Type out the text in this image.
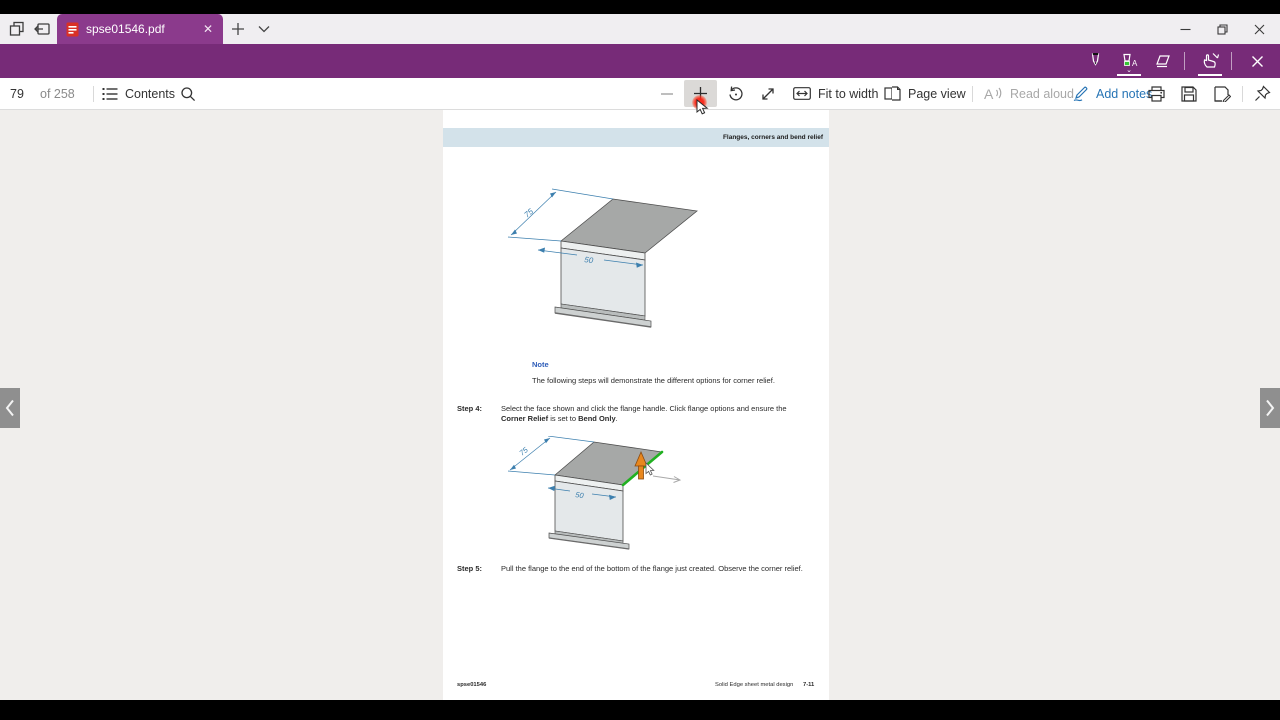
spse01546.pdf	✕
A
⌄
79 of 258	Contents	Fit to width Page view A Read aloud Add notes
Flanges, corners and bend relief
75
50
Note
The following steps will demonstrate the different options for corner relief.
Step 4:	Select the face shown and click the flange handle. Click flange options and ensure the Corner Relief is set to Bend Only.
75
50
Step 5:	Pull the flange to the end of the bottom of the flange just created. Observe the corner relief.
spse01546	Solid Edge sheet metal design 7-11
